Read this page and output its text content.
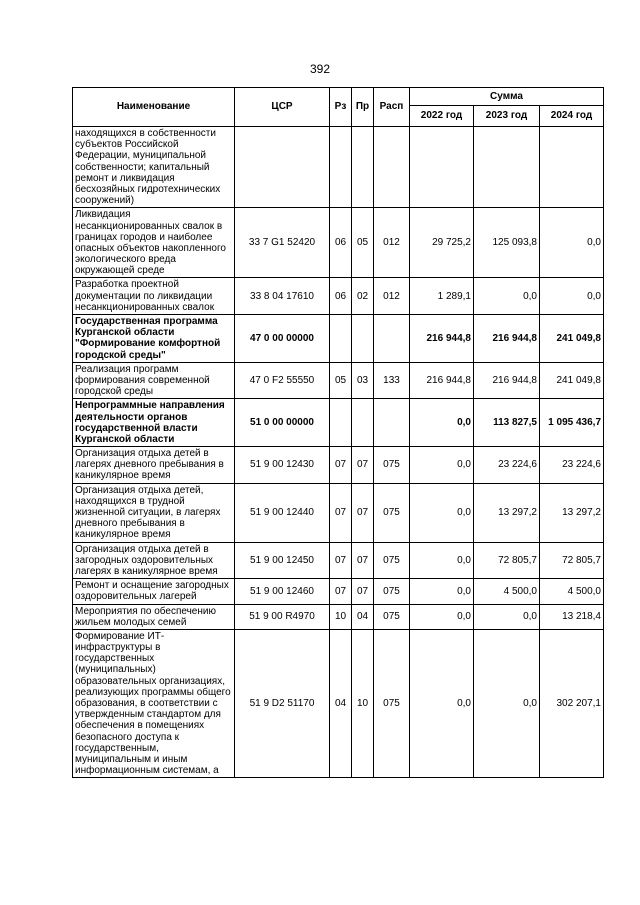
392
Наименование	ЦСР	Рз	Пр	Расп	Сумма		
					2022 год	2023 год	2024 год
находящихся в собственности субъектов Российской Федерации, муниципальной собственности; капитальный ремонт и ликвидация бесхозяйных гидротехнических сооружений)							
Ликвидация несанкционированных свалок в границах городов и наиболее опасных объектов накопленного экологического вреда окружающей среде	33 7 G1 52420	06	05	012	29 725,2	125 093,8	0,0
Разработка проектной документации по ликвидации несанкционированных свалок	33 8 04 17610	06	02	012	1 289,1	0,0	0,0
Государственная программа Курганской области "Формирование комфортной городской среды"	47 0 00 00000				216 944,8	216 944,8	241 049,8
Реализация программ формирования современной городской среды	47 0 F2 55550	05	03	133	216 944,8	216 944,8	241 049,8
Непрограммные направления деятельности органов государственной власти Курганской области	51 0 00 00000				0,0	113 827,5	1 095 436,7
Организация отдыха детей в лагерях дневного пребывания в каникулярное время	51 9 00 12430	07	07	075	0,0	23 224,6	23 224,6
Организация отдыха детей, находящихся в трудной жизненной ситуации, в лагерях дневного пребывания в каникулярное время	51 9 00 12440	07	07	075	0,0	13 297,2	13 297,2
Организация отдыха детей в загородных оздоровительных лагерях в каникулярное время	51 9 00 12450	07	07	075	0,0	72 805,7	72 805,7
Ремонт и оснащение загородных оздоровительных лагерей	51 9 00 12460	07	07	075	0,0	4 500,0	4 500,0
Мероприятия по обеспечению жильем молодых семей	51 9 00 R4970	10	04	075	0,0	0,0	13 218,4
Формирование ИТ-инфраструктуры в государственных (муниципальных) образовательных организациях, реализующих программы общего образования, в соответствии с утвержденным стандартом для обеспечения в помещениях безопасного доступа к государственным, муниципальным и иным информационным системам, а	51 9 D2 51170	04	10	075	0,0	0,0	302 207,1
